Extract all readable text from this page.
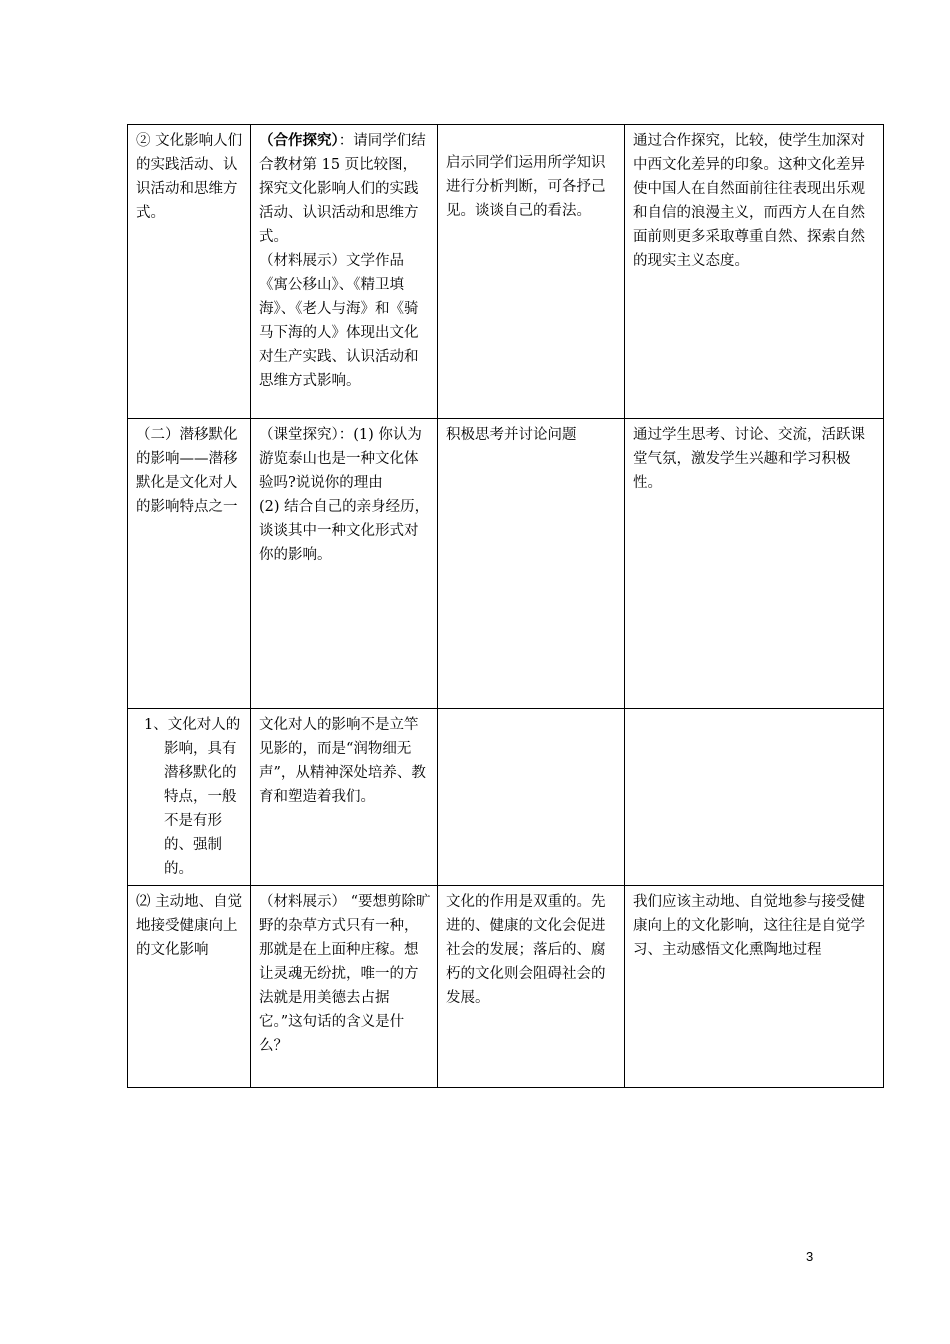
② 文化影响人们的实践活动、认识活动和思维方式。	（合作探究）：请同学们结合教材第 15 页比较图，探究文化影响人们的实践活动、认识活动和思维方式。
（材料展示）文学作品《寓公移山》、《精卫填海》、《老人与海》和《骑马下海的人》体现出文化对生产实践、认识活动和思维方式影响。	启示同学们运用所学知识进行分析判断，可各抒己见。谈谈自己的看法。	通过合作探究，比较，使学生加深对中西文化差异的印象。这种文化差异使中国人在自然面前往往表现出乐观和自信的浪漫主义，而西方人在自然面前则更多采取尊重自然、探索自然的现实主义态度。
（二）潜移默化的影响——潜移默化是文化对人的影响特点之一	（课堂探究）：(1) 你认为游览泰山也是一种文化体验吗?说说你的理由
(2) 结合自己的亲身经历，谈谈其中一种文化形式对你的影响。	积极思考并讨论问题	通过学生思考、讨论、交流，活跃课堂气氛，激发学生兴趣和学习积极性。

1、文化对人的影响，具有潜移默化的特点，一般不是有形的、强制的。	文化对人的影响不是立竿见影的，而是“润物细无声”，从精神深处培养、教育和塑造着我们。		
⑵ 主动地、自觉地接受健康向上的文化影响	（材料展示） “要想剪除旷野的杂草方式只有一种，那就是在上面种庄稼。想让灵魂无纷扰，唯一的方法就是用美德去占据它。”这句话的含义是什么？	文化的作用是双重的。先进的、健康的文化会促进社会的发展；落后的、腐朽的文化则会阻碍社会的发展。	我们应该主动地、自觉地参与接受健康向上的文化影响，这往往是自觉学习、主动感悟文化熏陶地过程
3
